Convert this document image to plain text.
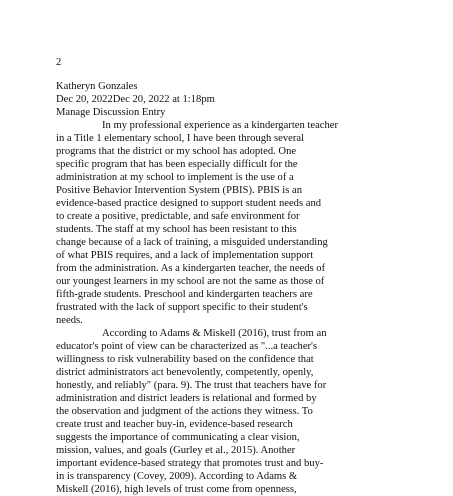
2

Katheryn Gonzales

Dec 20, 2022Dec 20, 2022 at 1:18pm

Manage Discussion Entry

In my professional experience as a kindergarten teacher
in a Title 1 elementary school, I have been through several
programs that the district or my school has adopted. One
specific program that has been especially difficult for the
administration at my school to implement is the use of a
Positive Behavior Intervention System (PBIS). PBIS is an
evidence-based practice designed to support student needs and
to create a positive, predictable, and safe environment for
students. The staff at my school has been resistant to this
change because of a lack of training, a misguided understanding
of what PBIS requires, and a lack of implementation support
from the administration. As a kindergarten teacher, the needs of
our youngest learners in my school are not the same as those of
fifth-grade students. Preschool and kindergarten teachers are
frustrated with the lack of support specific to their student's
needs.
According to Adams & Miskell (2016), trust from an
educator's point of view can be characterized as "...a teacher's
willingness to risk vulnerability based on the confidence that
district administrators act benevolently, competently, openly,
honestly, and reliably" (para. 9). The trust that teachers have for
administration and district leaders is relational and formed by
the observation and judgment of the actions they witness. To
create trust and teacher buy-in, evidence-based research
suggests the importance of communicating a clear vision,
mission, values, and goals (Gurley et al., 2015). Another
important evidence-based strategy that promotes trust and buy-
in is transparency (Covey, 2009). According to Adams &
Miskell (2016), high levels of trust come from openness,
